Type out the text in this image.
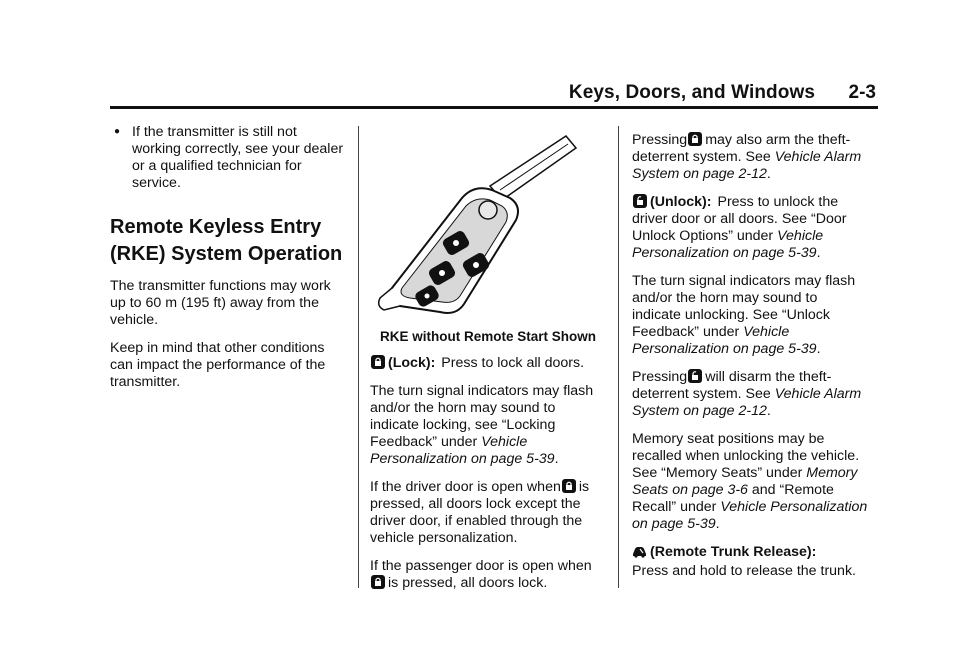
Keys, Doors, and Windows	2-3
● If the transmitter is still not working correctly, see your dealer or a qualified technician for service.
Remote Keyless Entry
(RKE) System Operation

The transmitter functions may work up to 60 m (195 ft) away from the vehicle.

Keep in mind that other conditions can impact the performance of the transmitter.

RKE without Remote Start Shown

(Lock): Press to lock all doors.

The turn signal indicators may flash and/or the horn may sound to indicate locking, see “Locking Feedback” under Vehicle Personalization on page 5-39.

If the driver door is open when is pressed, all doors lock except the driver door, if enabled through the vehicle personalization.

If the passenger door is open when

is pressed, all doors lock.

Pressing may also arm the theft-deterrent system. See Vehicle Alarm System on page 2-12.

(Unlock): Press to unlock the driver door or all doors. See “Door Unlock Options” under Vehicle Personalization on page 5-39.

The turn signal indicators may flash and/or the horn may sound to indicate unlocking. See “Unlock Feedback” under Vehicle Personalization on page 5-39.

Pressing will disarm the theft-deterrent system. See Vehicle Alarm System on page 2-12.

Memory seat positions may be recalled when unlocking the vehicle. See “Memory Seats” under Memory Seats on page 3-6 and “Remote Recall” under Vehicle Personalization on page 5-39.

(Remote Trunk Release):
Press and hold to release the trunk.
